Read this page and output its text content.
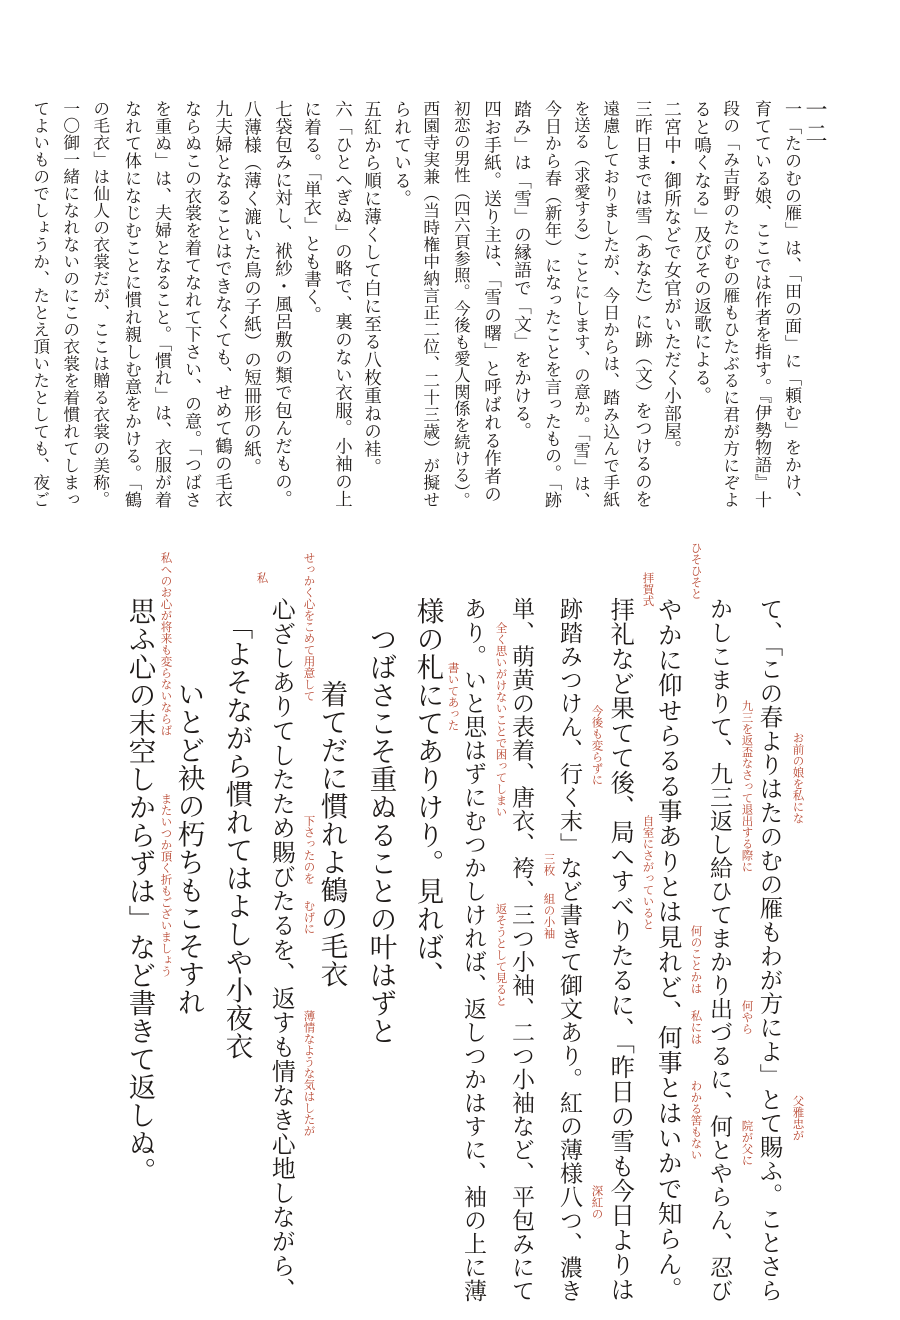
一二
て、「この春よりはたのむの雁もわが方によ」とて賜ふ。ことさら
かしこまりて、九三返し給ひてまかり出づるに、何とやらん、忍び
やかに仰せらるる事ありとは見れど、何事とはいかで知らん。
拝礼など果てて後、局へすべりたるに、「昨日の雪も今日よりは
跡踏みつけん、行く末」など書きて御文あり。紅の薄様八つ、濃き
単、萌黄の表着、唐衣、袴、三つ小袖、二つ小袖など、平包みにて
あり。いと思はずにむつかしければ、返しつかはすに、袖の上に薄
様の札にてありけり。見れば、
つばさこそ重ぬることの叶はずと
着てだに慣れよ鶴の毛衣
心ざしありてしたため賜びたるを、返すも情なき心地しながら、
「よそながら慣れてはよしや小夜衣
いとど袂の朽ちもこそすれ
思ふ心の末空しからずは」など書きて返しぬ。	お前の娘を私にな
父雅忠が
九三を返盃なさって退出する際に
何やら
院が父に
何のことかは
私には
わかる筈もない
ひそひそと
拝賀式
自室にさがっていると
今後も変らずに
深紅の
三枚
組の小袖
全く思いがけないことで困ってしまい
返そうとして見ると
書いてあった
下さったのを
むげに
薄情なような気はしたが
せっかく心をこめて用意して
私
私へのお心が将来も変らないならば
またいつか頂く折もございましょう
一「たのむの雁」は、「田の面」に「頼む」をかけ、
育てている娘、ここでは作者を指す。『伊勢物語』十
段の「み吉野のたのむの雁もひたぶるに君が方にぞよ
ると鳴くなる」及びその返歌による。
二宮中・御所などで女官がいただく小部屋。
三昨日までは雪（あなた）に跡（文）をつけるのを
遠慮しておりましたが、今日からは、踏み込んで手紙
を送る（求愛する）ことにします、の意か。「雪」は、
今日から春（新年）になったことを言ったもの。「跡
踏み」は「雪」の縁語で「文」をかける。
四お手紙。送り主は、「雪の曙」と呼ばれる作者の
初恋の男性（四六頁参照。今後も愛人関係を続ける）。
西園寺実兼（当時権中納言正二位、二十三歳）が擬せ
られている。
五紅から順に薄くして白に至る八枚重ねの袿。
六「ひとへぎぬ」の略で、裏のない衣服。小袖の上
に着る。「単衣」とも書く。
七袋包みに対し、袱紗・風呂敷の類で包んだもの。
八薄様（薄く漉いた鳥の子紙）の短冊形の紙。
九夫婦となることはできなくても、せめて鶴の毛衣
ならぬこの衣裳を着てなれて下さい、の意。「つばさ
を重ぬ」は、夫婦となること。「慣れ」は、衣服が着
なれて体になじむことに慣れ親しむ意をかける。「鶴
の毛衣」は仙人の衣裳だが、ここは贈る衣裳の美称。
一〇御一緒になれないのにこの衣裳を着慣れてしまっ
てよいものでしょうか、たとえ頂いたとしても、夜ご
